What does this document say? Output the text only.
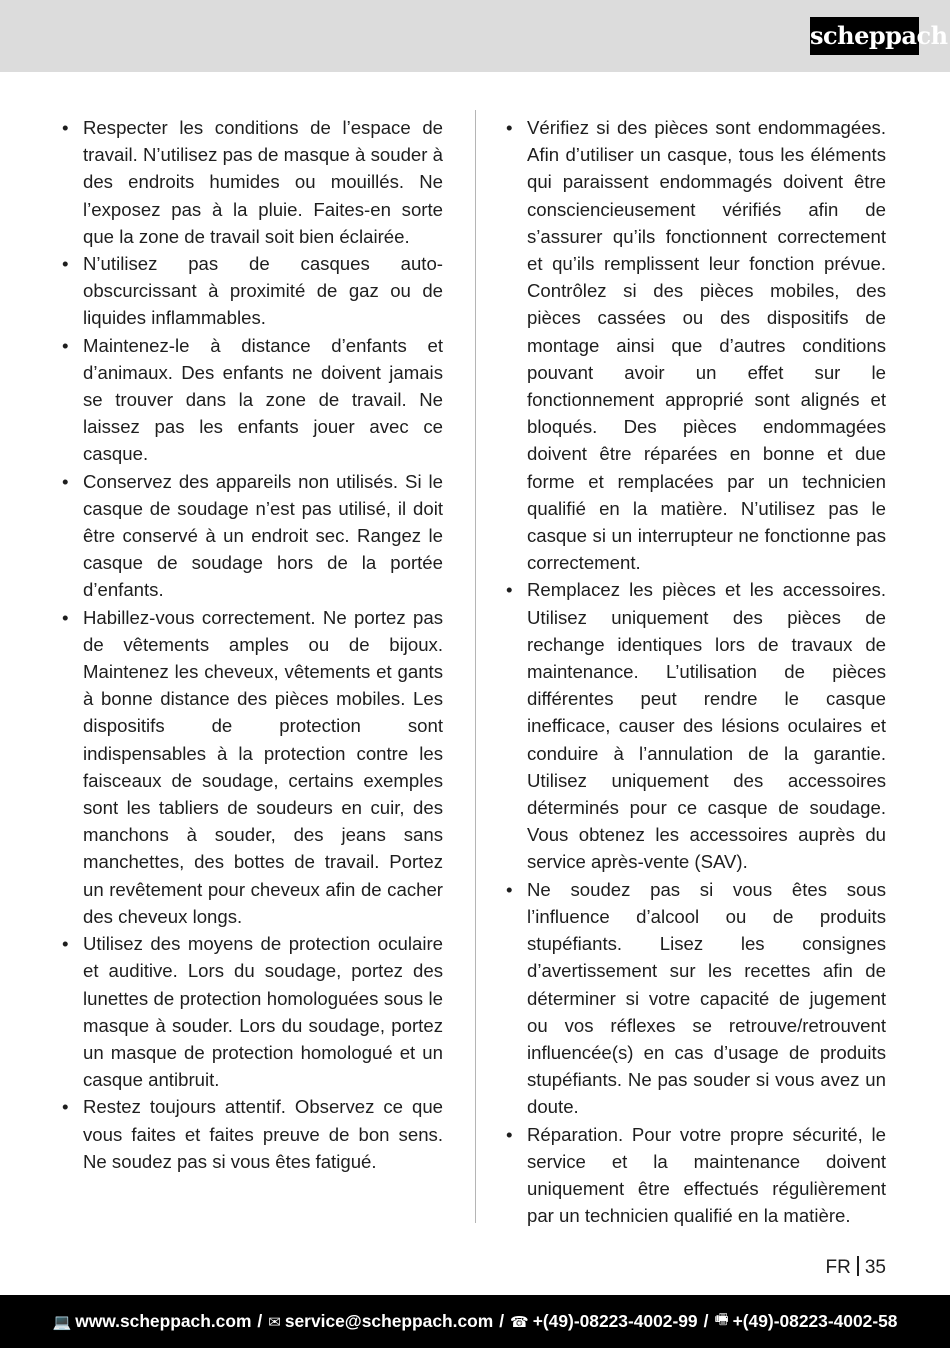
scheppach
• Respecter les conditions de l’espace de travail. N’utilisez pas de masque à souder à des endroits humides ou mouillés. Ne l’exposez pas à la pluie. Faites-en sorte que la zone de travail soit bien éclairée.
• N’utilisez pas de casques auto-obscurcissant à proximité de gaz ou de liquides inflammables.
• Maintenez-le à distance d’enfants et d’animaux. Des enfants ne doivent jamais se trouver dans la zone de travail. Ne laissez pas les enfants jouer avec ce casque.
• Conservez des appareils non utilisés. Si le casque de soudage n’est pas utilisé, il doit être conservé à un endroit sec. Rangez le casque de soudage hors de la portée d’enfants.
• Habillez-vous correctement. Ne portez pas de vêtements amples ou de bijoux. Maintenez les cheveux, vêtements et gants à bonne distance des pièces mobiles. Les dispositifs de protection sont indispensables à la protection contre les faisceaux de soudage, certains exemples sont les tabliers de soudeurs en cuir, des manchons à souder, des jeans sans manchettes, des bottes de travail. Portez un revêtement pour cheveux afin de cacher des cheveux longs.
• Utilisez des moyens de protection oculaire et auditive. Lors du soudage, portez des lunettes de protection homologuées sous le masque à souder. Lors du soudage, portez un masque de protection homologué et un casque antibruit.
• Restez toujours attentif. Observez ce que vous faites et faites preuve de bon sens. Ne soudez pas si vous êtes fatigué.
• Vérifiez si des pièces sont endommagées. Afin d’utiliser un casque, tous les éléments qui paraissent endommagés doivent être consciencieusement vérifiés afin de s’assurer qu’ils fonctionnent correctement et qu’ils remplissent leur fonction prévue. Contrôlez si des pièces mobiles, des pièces cassées ou des dispositifs de montage ainsi que d’autres conditions pouvant avoir un effet sur le fonctionnement approprié sont alignés et bloqués. Des pièces endommagées doivent être réparées en bonne et due forme et remplacées par un technicien qualifié en la matière. N’utilisez pas le casque si un interrupteur ne fonctionne pas correctement.
• Remplacez les pièces et les accessoires. Utilisez uniquement des pièces de rechange identiques lors de travaux de maintenance. L’utilisation de pièces différentes peut rendre le casque inefficace, causer des lésions oculaires et conduire à l’annulation de la garantie. Utilisez uniquement des accessoires déterminés pour ce casque de soudage. Vous obtenez les accessoires auprès du service après-vente (SAV).
• Ne soudez pas si vous êtes sous l’influence d’alcool ou de produits stupéfiants. Lisez les consignes d’avertissement sur les recettes afin de déterminer si votre capacité de jugement ou vos réflexes se retrouve/retrouvent influencée(s) en cas d’usage de produits stupéfiants. Ne pas souder si vous avez un doute.
• Réparation. Pour votre propre sécurité, le service et la maintenance doivent uniquement être effectués régulièrement par un technicien qualifié en la matière.
FR 35
💻 www.scheppach.com / ✉ service@scheppach.com / ☎ +(49)-08223-4002-99 / 🖷 +(49)-08223-4002-58
